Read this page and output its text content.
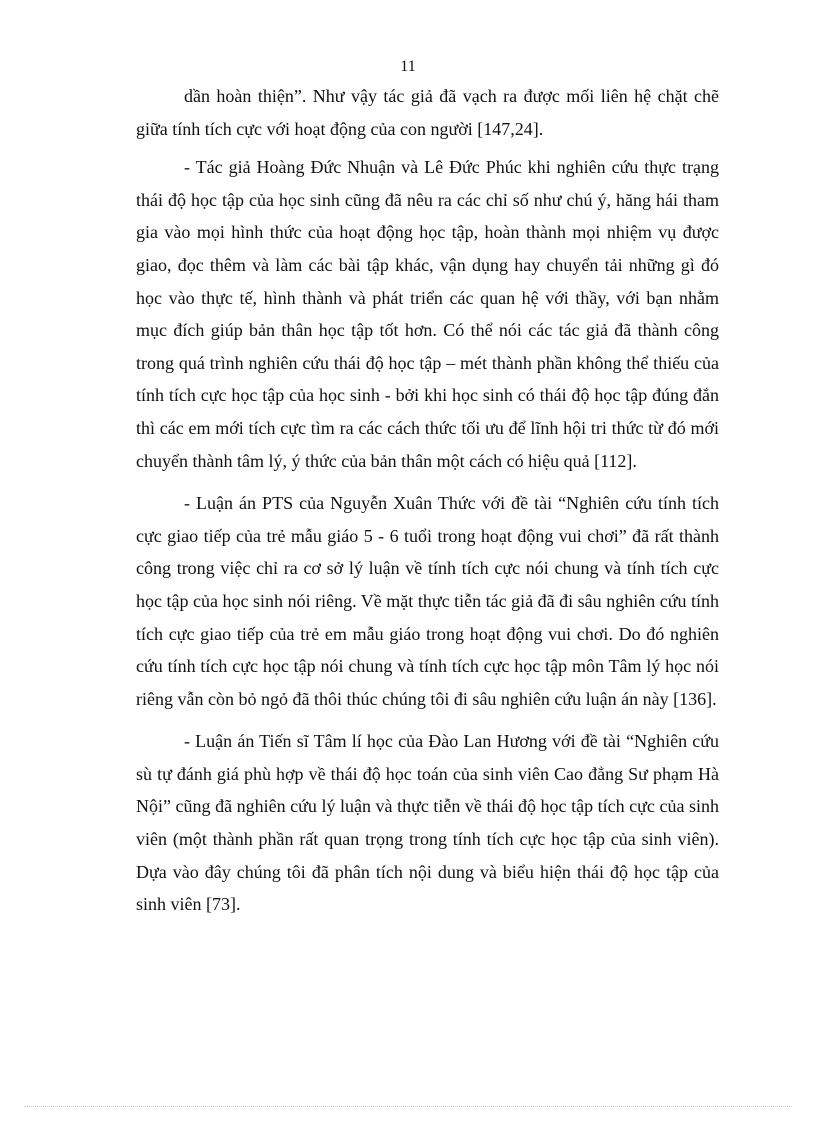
11

dần hoàn thiện”. Như vậy tác giả đã vạch ra được mối liên hệ chặt chẽ giữa tính tích cực với hoạt động của con người [147,24].

- Tác giả Hoàng Đức Nhuận và Lê Đức Phúc khi nghiên cứu thực trạng thái độ học tập của học sinh cũng đã nêu ra các chỉ số như chú ý, hăng hái tham gia vào mọi hình thức của hoạt động học tập, hoàn thành mọi nhiệm vụ được giao, đọc thêm và làm các bài tập khác, vận dụng hay chuyển tải những gì đó học vào thực tế, hình thành và phát triển các quan hệ với thầy, với bạn nhằm mục đích giúp bản thân học tập tốt hơn. Có thể nói các tác giả đã thành công trong quá trình nghiên cứu thái độ học tập – mét thành phần không thể thiếu của tính tích cực học tập của học sinh - bởi khi học sinh có thái độ học tập đúng đắn thì các em mới tích cực tìm ra các cách thức tối ưu để lĩnh hội tri thức từ đó mới chuyển thành tâm lý, ý thức của bản thân một cách có hiệu quả [112].

- Luận án PTS của Nguyễn Xuân Thức với đề tài “Nghiên cứu tính tích cực giao tiếp của trẻ mẫu giáo 5 - 6 tuổi trong hoạt động vui chơi” đã rất thành công trong việc chỉ ra cơ sở lý luận về tính tích cực nói chung và tính tích cực học tập của học sinh nói riêng. Về mặt thực tiễn tác giả đã đi sâu nghiên cứu tính tích cực giao tiếp của trẻ em mẫu giáo trong hoạt động vui chơi. Do đó nghiên cứu tính tích cực học tập nói chung và tính tích cực học tập môn Tâm lý học nói riêng vẫn còn bỏ ngỏ đã thôi thúc chúng tôi đi sâu nghiên cứu luận án này [136].

- Luận án Tiến sĩ Tâm lí học của Đào Lan Hương với đề tài “Nghiên cứu sù tự đánh giá phù hợp về thái độ học toán của sinh viên Cao đẳng Sư phạm Hà Nội” cũng đã nghiên cứu lý luận và thực tiễn về thái độ học tập tích cực của sinh viên (một thành phần rất quan trọng trong tính tích cực học tập của sinh viên). Dựa vào đây chúng tôi đã phân tích nội dung và biểu hiện thái độ học tập của sinh viên [73].
